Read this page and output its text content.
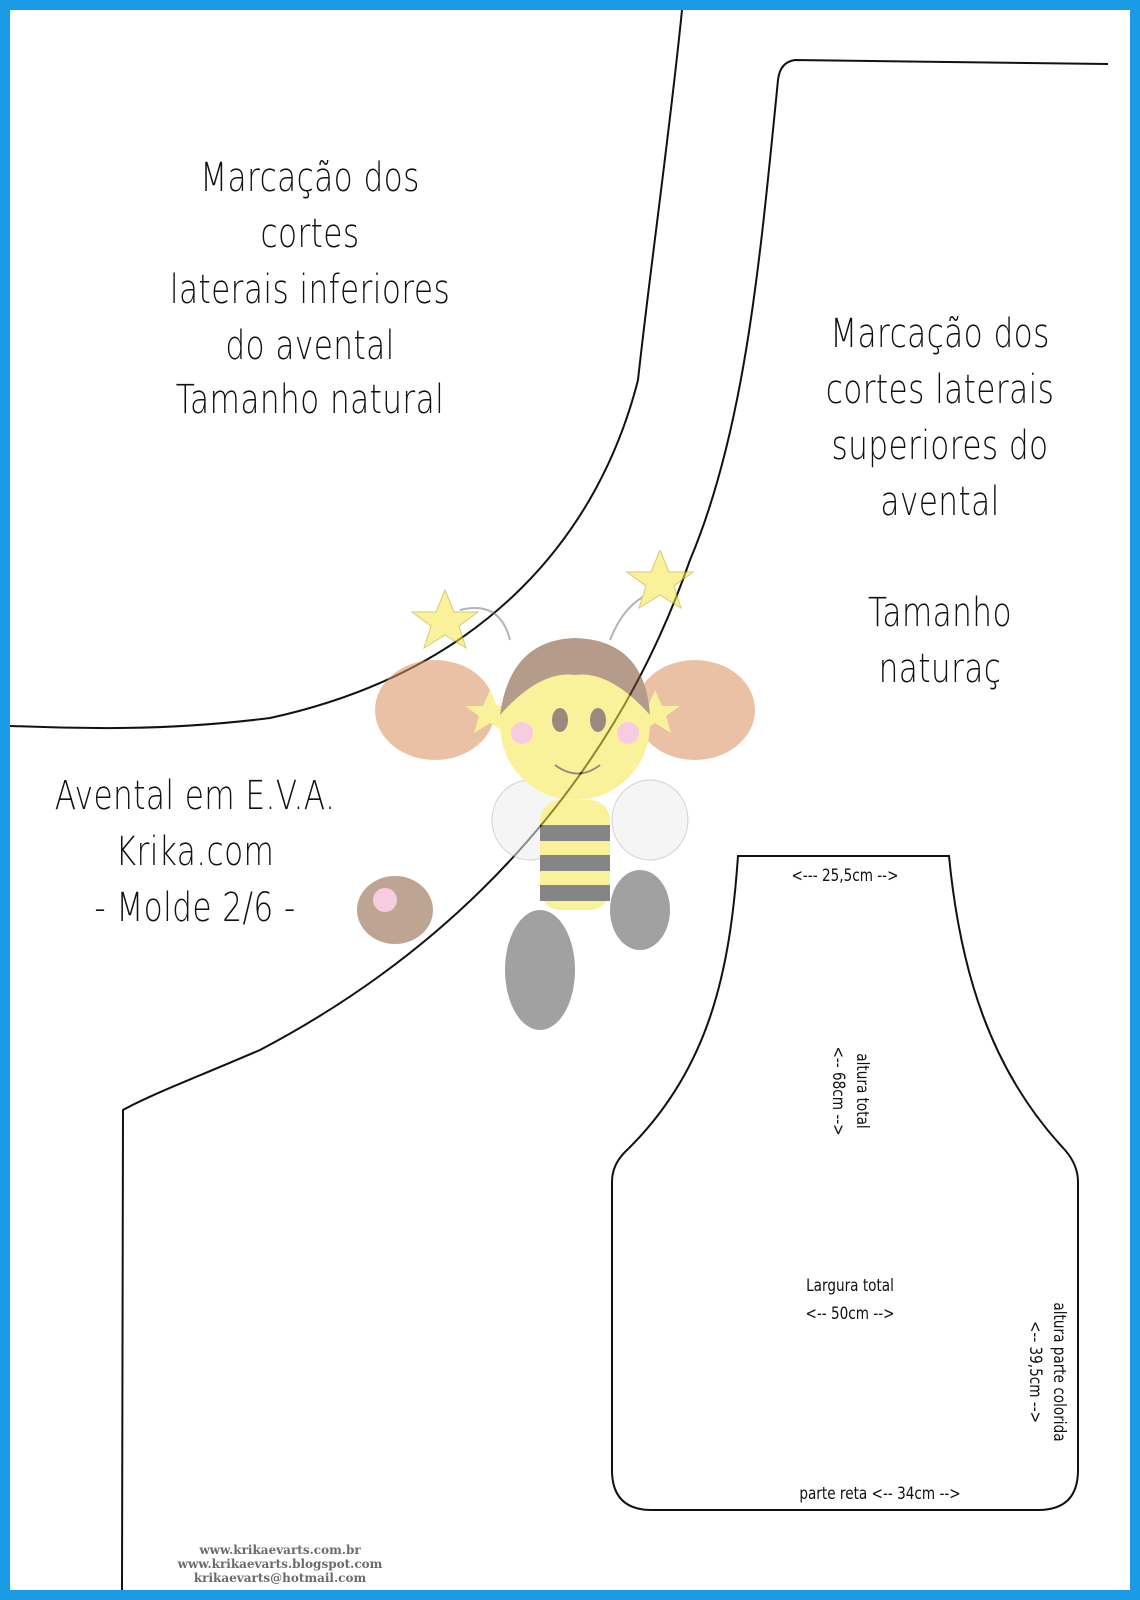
Marcação dos cortes
laterais inferiores
do avental
Tamanho natural
Marcação dos
cortes laterais
superiores do
avental
Tamanho
naturaç
Avental em E.V.A.
Krika.com
- Molde 2/6 -
<--- 25,5cm -->
altura total
<-- 68cm -->
Largura total
<-- 50cm -->	altura parte colorida
<-- 39,5cm -->
parte reta <-- 34cm -->
www.krikaevarts.com.br
www.krikaevarts.blogspot.com
krikaevarts@hotmail.com
